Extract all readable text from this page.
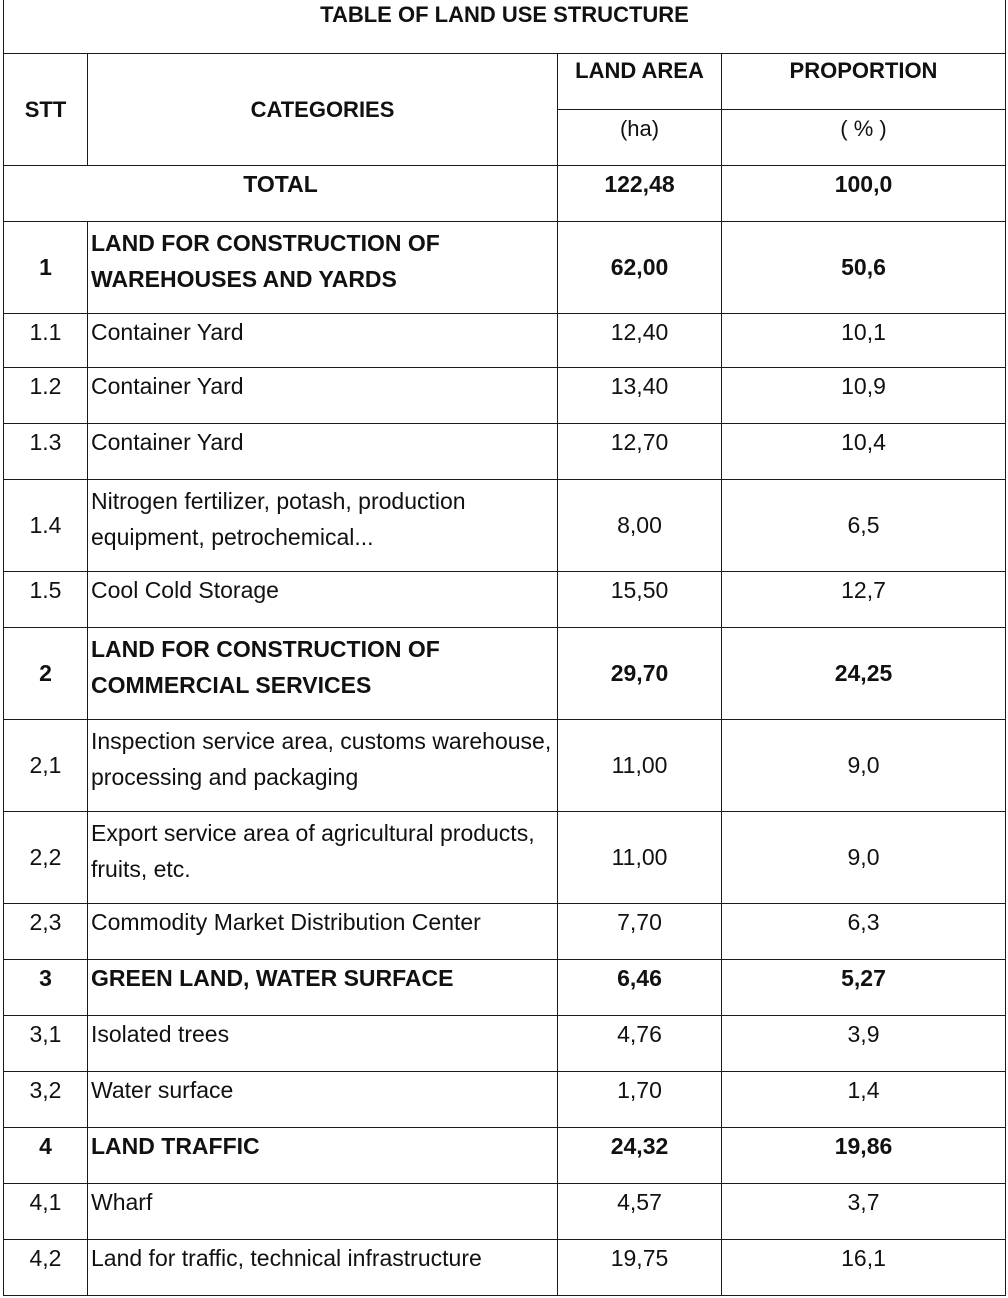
TABLE OF LAND USE STRUCTURE			
STT	CATEGORIES	LAND AREA	PROPORTION
		(ha)	( % )
TOTAL		122,48	100,0
1	LAND FOR CONSTRUCTION OF WAREHOUSES AND YARDS	62,00	50,6
1.1	Container Yard	12,40	10,1
1.2	Container Yard	13,40	10,9
1.3	Container Yard	12,70	10,4
1.4	Nitrogen fertilizer, potash, production equipment, petrochemical...	8,00	6,5
1.5	Cool Cold Storage	15,50	12,7
2	LAND FOR CONSTRUCTION OF COMMERCIAL SERVICES	29,70	24,25
2,1	Inspection service area, customs warehouse, processing and packaging	11,00	9,0
2,2	Export service area of agricultural products, fruits, etc.	11,00	9,0
2,3	Commodity Market Distribution Center	7,70	6,3
3	GREEN LAND, WATER SURFACE	6,46	5,27
3,1	Isolated trees	4,76	3,9
3,2	Water surface	1,70	1,4
4	LAND TRAFFIC	24,32	19,86
4,1	Wharf	4,57	3,7
4,2	Land for traffic, technical infrastructure	19,75	16,1
